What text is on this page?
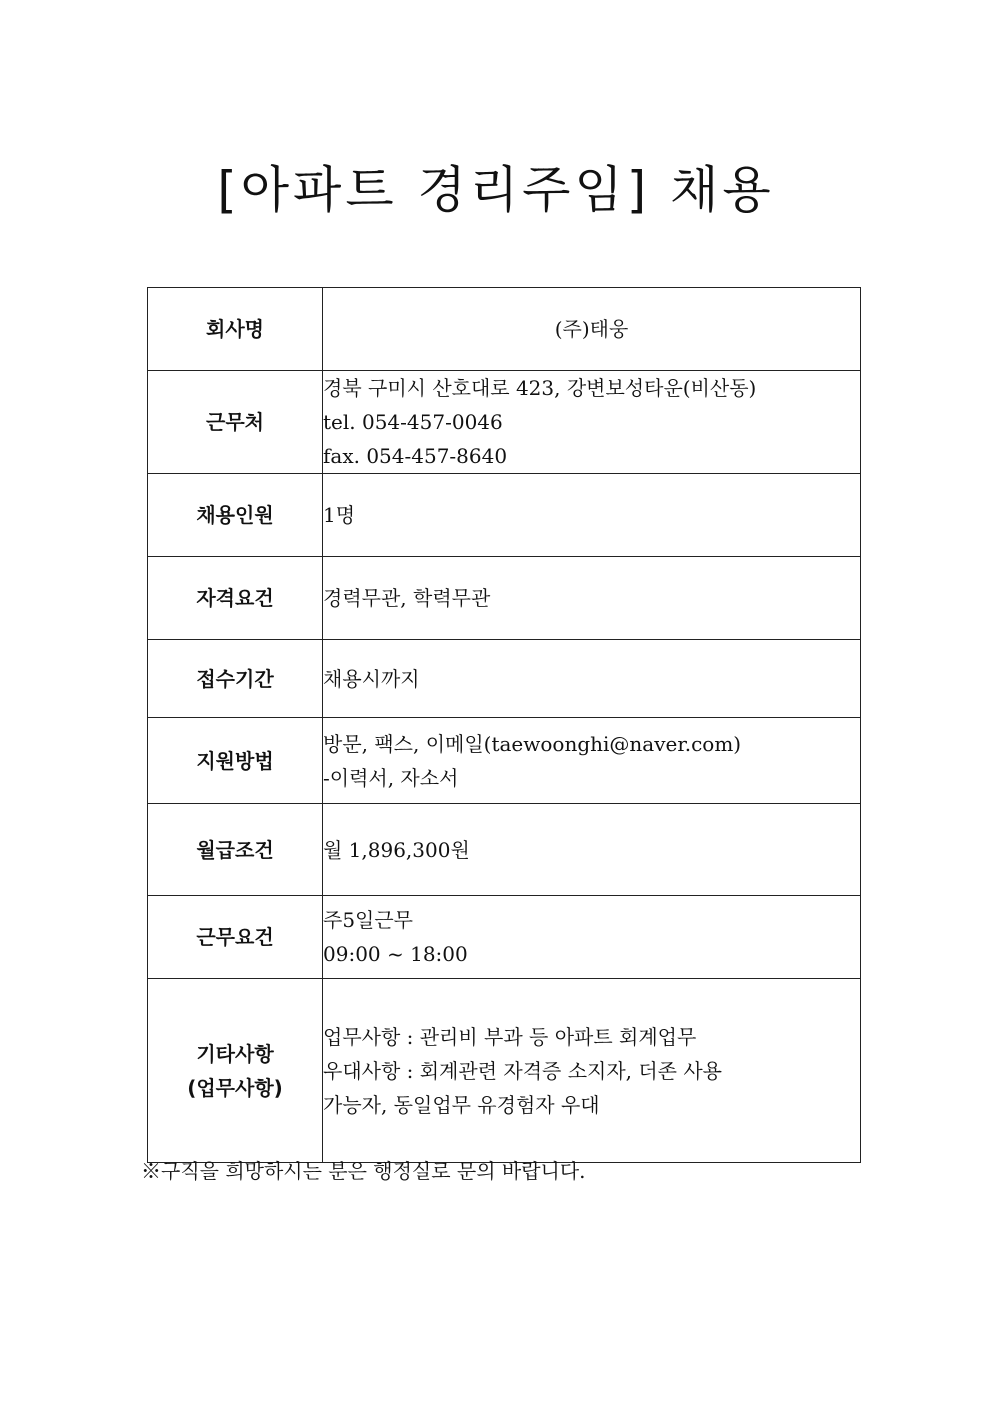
[아파트 경리주임] 채용
회사명	(주)태웅

근무처	경북 구미시 산호대로 423, 강변보성타운(비산동)
tel. 054-457-0046
fax. 054-457-8640

채용인원	1명

자격요건	경력무관, 학력무관

접수기간	채용시까지

지원방법	방문, 팩스, 이메일(taewoonghi@naver.com)
-이력서, 자소서

월급조건	월 1,896,300원

근무요건	주5일근무
09:00 ~ 18:00

기타사항
(업무사항)	업무사항 : 관리비 부과 등 아파트 회계업무
우대사항 : 회계관련 자격증 소지자, 더존 사용
가능자, 동일업무 유경험자 우대

※구직을 희망하시는 분은 행정실로 문의 바랍니다.
